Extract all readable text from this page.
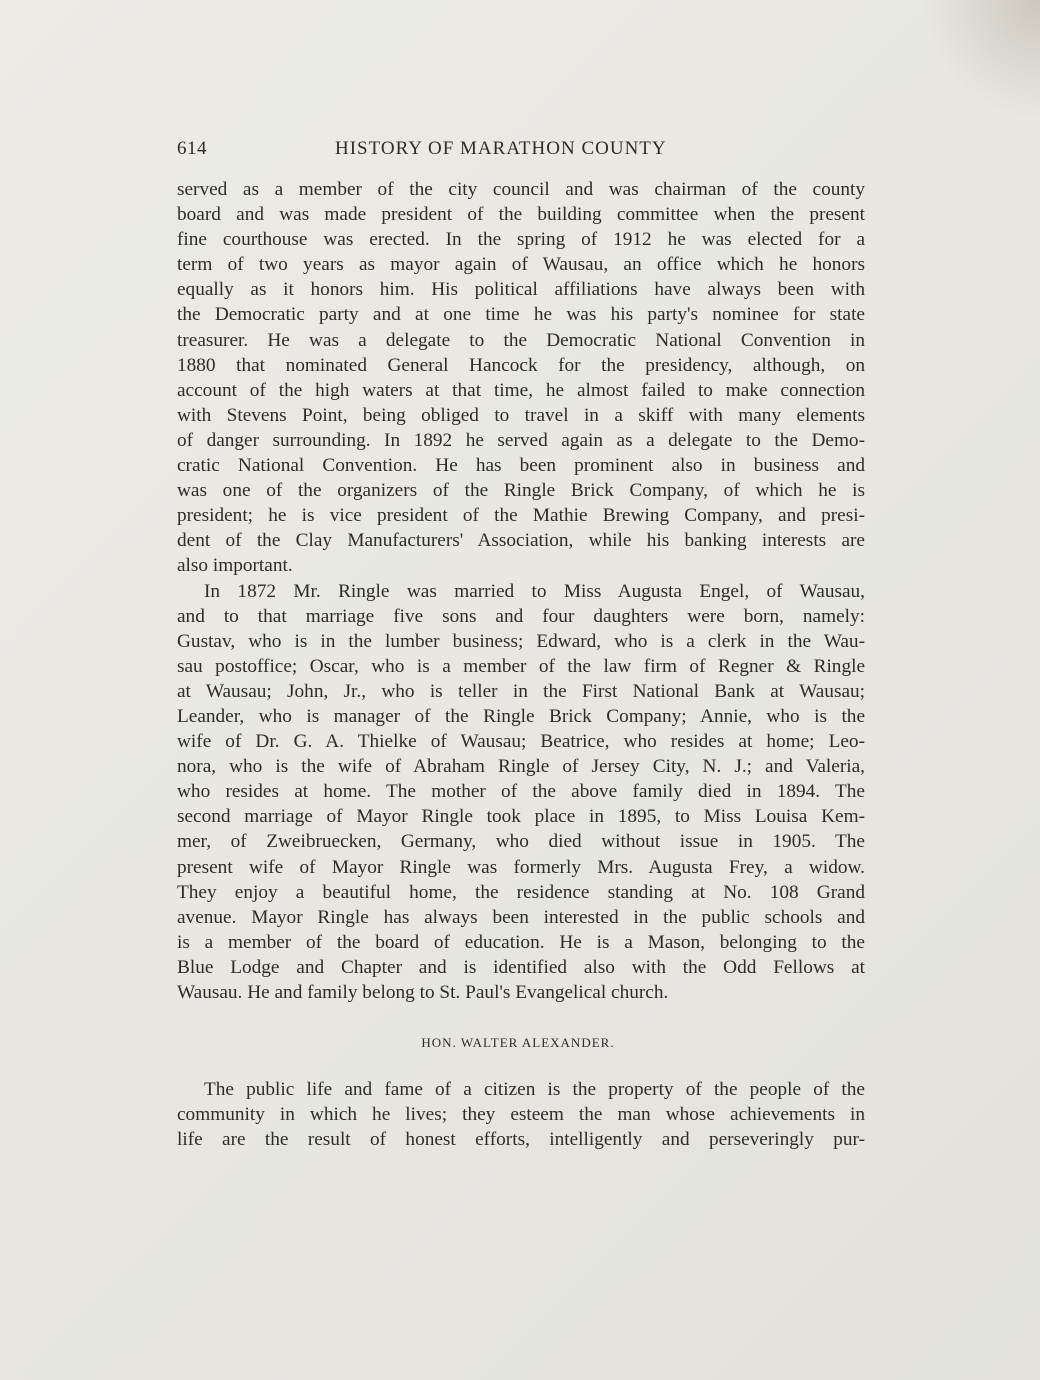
614	HISTORY OF MARATHON COUNTY
served as a member of the city council and was chairman of the county
board and was made president of the building committee when the present
fine courthouse was erected. In the spring of 1912 he was elected for a
term of two years as mayor again of Wausau, an office which he honors
equally as it honors him. His political affiliations have always been with
the Democratic party and at one time he was his party's nominee for state
treasurer. He was a delegate to the Democratic National Convention in
1880 that nominated General Hancock for the presidency, although, on
account of the high waters at that time, he almost failed to make connection
with Stevens Point, being obliged to travel in a skiff with many elements
of danger surrounding. In 1892 he served again as a delegate to the Demo-
cratic National Convention. He has been prominent also in business and
was one of the organizers of the Ringle Brick Company, of which he is
president; he is vice president of the Mathie Brewing Company, and presi-
dent of the Clay Manufacturers' Association, while his banking interests are
also important.
In 1872 Mr. Ringle was married to Miss Augusta Engel, of Wausau,
and to that marriage five sons and four daughters were born, namely:
Gustav, who is in the lumber business; Edward, who is a clerk in the Wau-
sau postoffice; Oscar, who is a member of the law firm of Regner & Ringle
at Wausau; John, Jr., who is teller in the First National Bank at Wausau;
Leander, who is manager of the Ringle Brick Company; Annie, who is the
wife of Dr. G. A. Thielke of Wausau; Beatrice, who resides at home; Leo-
nora, who is the wife of Abraham Ringle of Jersey City, N. J.; and Valeria,
who resides at home. The mother of the above family died in 1894. The
second marriage of Mayor Ringle took place in 1895, to Miss Louisa Kem-
mer, of Zweibruecken, Germany, who died without issue in 1905. The
present wife of Mayor Ringle was formerly Mrs. Augusta Frey, a widow.
They enjoy a beautiful home, the residence standing at No. 108 Grand
avenue. Mayor Ringle has always been interested in the public schools and
is a member of the board of education. He is a Mason, belonging to the
Blue Lodge and Chapter and is identified also with the Odd Fellows at
Wausau. He and family belong to St. Paul's Evangelical church.
HON. WALTER ALEXANDER.
The public life and fame of a citizen is the property of the people of the
community in which he lives; they esteem the man whose achievements in
life are the result of honest efforts, intelligently and perseveringly pur-
